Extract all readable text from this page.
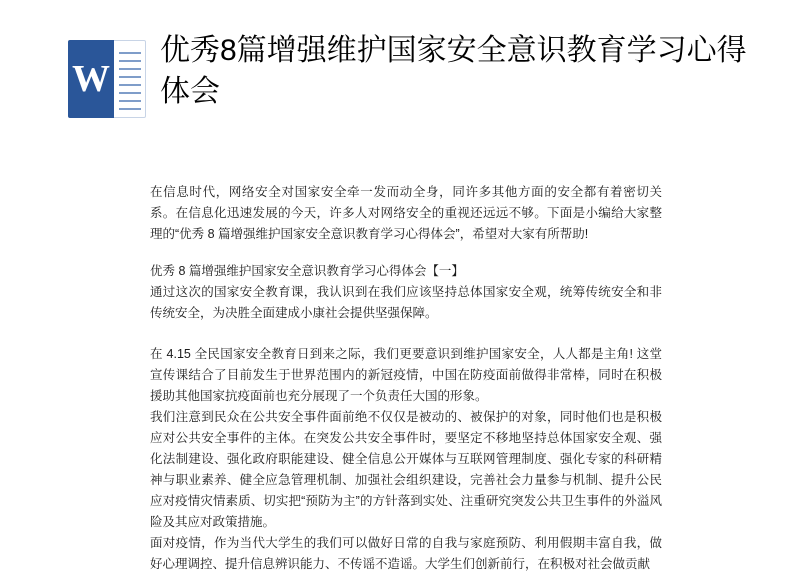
W
优秀8篇增强维护国家安全意识教育学习心得体会

在信息时代，网络安全对国家安全牵一发而动全身，同许多其他方面的安全都有着密切关系。在信息化迅速发展的今天，许多人对网络安全的重视还远远不够。下面是小编给大家整理的“优秀 8 篇增强维护国家安全意识教育学习心得体会”，希望对大家有所帮助!

优秀 8 篇增强维护国家安全意识教育学习心得体会【一】

通过这次的国家安全教育课，我认识到在我们应该坚持总体国家安全观，统筹传统安全和非传统安全，为决胜全面建成小康社会提供坚强保障。

在 4.15 全民国家安全教育日到来之际，我们更要意识到维护国家安全，人人都是主角! 这堂宣传课结合了目前发生于世界范围内的新冠疫情，中国在防疫面前做得非常棒，同时在积极援助其他国家抗疫面前也充分展现了一个负责任大国的形象。

我们注意到民众在公共安全事件面前绝不仅仅是被动的、被保护的对象，同时他们也是积极应对公共安全事件的主体。在突发公共安全事件时，要坚定不移地坚持总体国家安全观、强化法制建设、强化政府职能建设、健全信息公开媒体与互联网管理制度、强化专家的科研精神与职业素养、健全应急管理机制、加强社会组织建设，完善社会力量参与机制、提升公民应对疫情灾情素质、切实把“预防为主”的方针落到实处、注重研究突发公共卫生事件的外溢风险及其应对政策措施。

面对疫情，作为当代大学生的我们可以做好日常的自我与家庭预防、利用假期丰富自我，做好心理调控、提升信息辨识能力、不传谣不造谣。大学生们创新前行，在积极对社会做贡献
